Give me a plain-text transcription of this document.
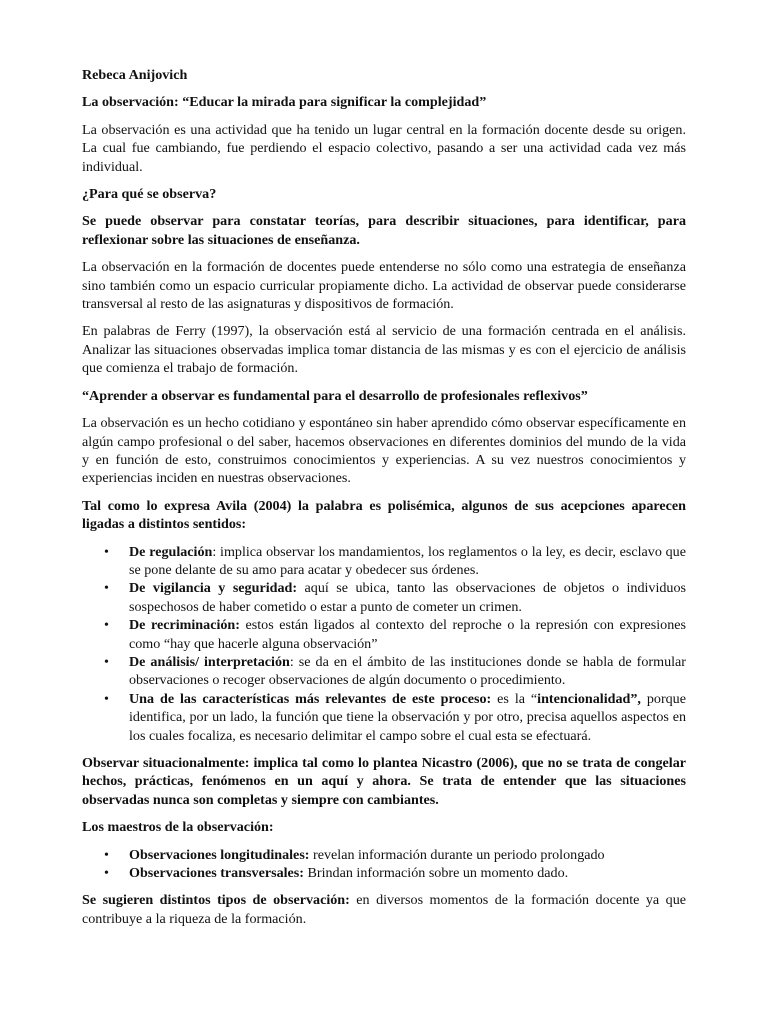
Rebeca Anijovich

La observación: “Educar la mirada para significar la complejidad”

La observación es una actividad que ha tenido un lugar central en la formación docente desde su origen. La cual fue cambiando, fue perdiendo el espacio colectivo, pasando a ser una actividad cada vez más individual.

¿Para qué se observa?

Se puede observar para constatar teorías, para describir situaciones, para identificar, para reflexionar sobre las situaciones de enseñanza.

La observación en la formación de docentes puede entenderse no sólo como una estrategia de enseñanza sino también como un espacio curricular propiamente dicho. La actividad de observar puede considerarse transversal al resto de las asignaturas y dispositivos de formación.

En palabras de Ferry (1997), la observación está al servicio de una formación centrada en el análisis. Analizar las situaciones observadas implica tomar distancia de las mismas y es con el ejercicio de análisis que comienza el trabajo de formación.

“Aprender a observar es fundamental para el desarrollo de profesionales reflexivos”

La observación es un hecho cotidiano y espontáneo sin haber aprendido cómo observar específicamente en algún campo profesional o del saber, hacemos observaciones en diferentes dominios del mundo de la vida y en función de esto, construimos conocimientos y experiencias. A su vez nuestros conocimientos y experiencias inciden en nuestras observaciones.

Tal como lo expresa Avila (2004) la palabra es polisémica, algunos de sus acepciones aparecen ligadas a distintos sentidos:

• De regulación: implica observar los mandamientos, los reglamentos o la ley, es decir, esclavo que se pone delante de su amo para acatar y obedecer sus órdenes.
• De vigilancia y seguridad: aquí se ubica, tanto las observaciones de objetos o individuos sospechosos de haber cometido o estar a punto de cometer un crimen.
• De recriminación: estos están ligados al contexto del reproche o la represión con expresiones como “hay que hacerle alguna observación”
• De análisis/ interpretación: se da en el ámbito de las instituciones donde se habla de formular observaciones o recoger observaciones de algún documento o procedimiento.
• Una de las características más relevantes de este proceso: es la “intencionalidad”, porque identifica, por un lado, la función que tiene la observación y por otro, precisa aquellos aspectos en los cuales focaliza, es necesario delimitar el campo sobre el cual esta se efectuará.

Observar situacionalmente: implica tal como lo plantea Nicastro (2006), que no se trata de congelar hechos, prácticas, fenómenos en un aquí y ahora. Se trata de entender que las situaciones observadas nunca son completas y siempre con cambiantes.

Los maestros de la observación:

• Observaciones longitudinales: revelan información durante un periodo prolongado
• Observaciones transversales: Brindan información sobre un momento dado.

Se sugieren distintos tipos de observación: en diversos momentos de la formación docente ya que contribuye a la riqueza de la formación.
